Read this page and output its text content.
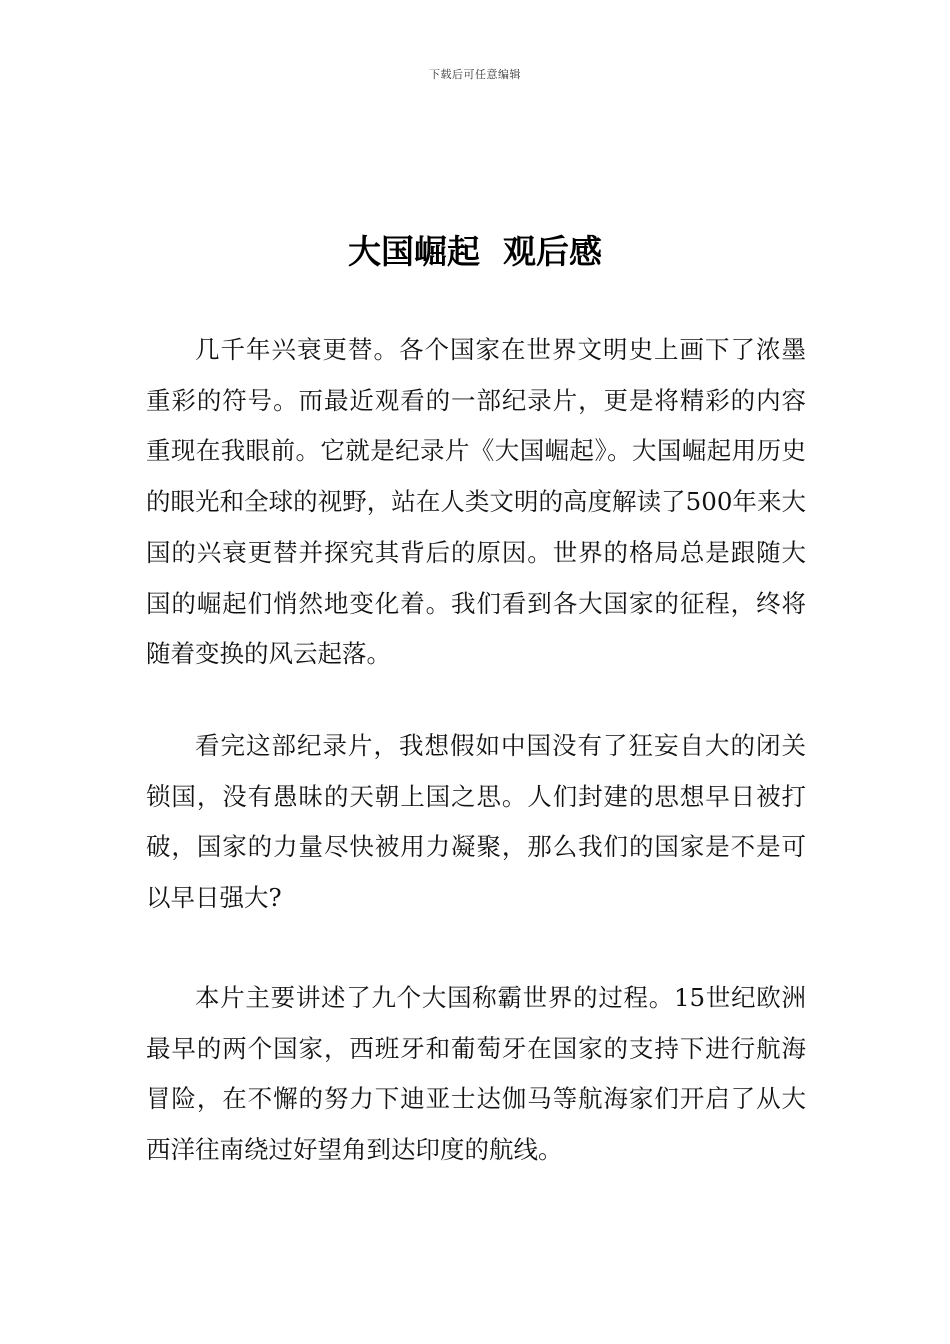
下载后可任意编辑
大国崛起  观后感

几千年兴衰更替。各个国家在世界文明史上画下了浓墨重彩的符号。而最近观看的一部纪录片，更是将精彩的内容重现在我眼前。它就是纪录片《大国崛起》。大国崛起用历史的眼光和全球的视野，站在人类文明的高度解读了500年来大国的兴衰更替并探究其背后的原因。世界的格局总是跟随大国的崛起们悄然地变化着。我们看到各大国家的征程，终将随着变换的风云起落。

看完这部纪录片，我想假如中国没有了狂妄自大的闭关锁国，没有愚昧的天朝上国之思。人们封建的思想早日被打破，国家的力量尽快被用力凝聚，那么我们的国家是不是可以早日强大?

本片主要讲述了九个大国称霸世界的过程。15世纪欧洲最早的两个国家，西班牙和葡萄牙在国家的支持下进行航海冒险，在不懈的努力下迪亚士达伽马等航海家们开启了从大西洋往南绕过好望角到达印度的航线。
